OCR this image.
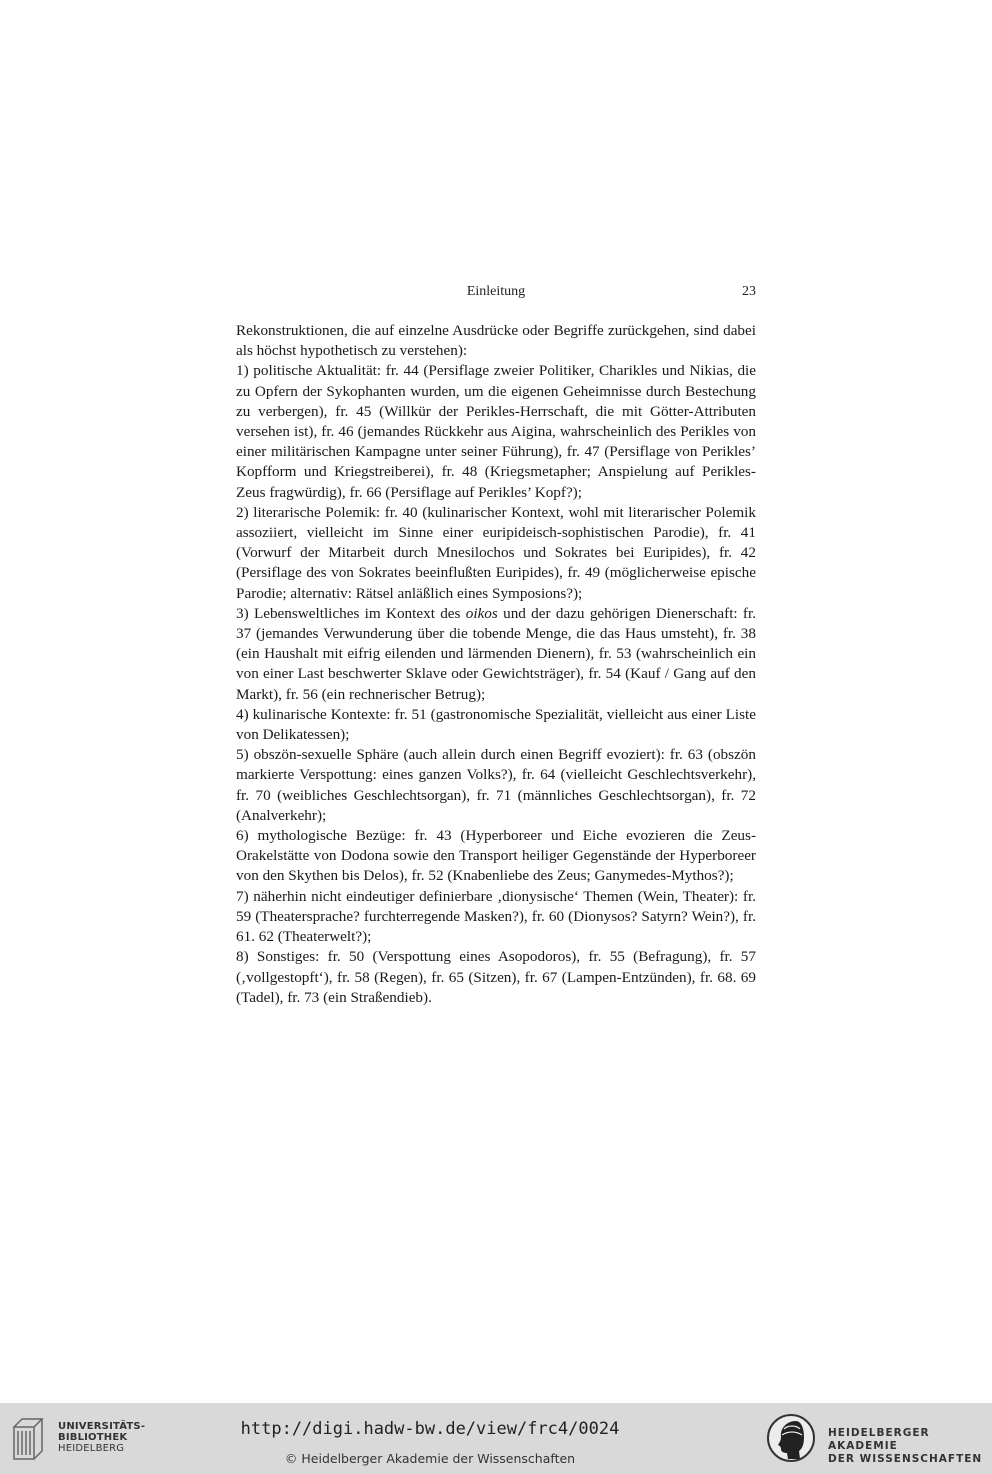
Einleitung	23

Rekonstruktionen, die auf einzelne Ausdrücke oder Begriffe zurückgehen, sind dabei als höchst hypothetisch zu verstehen):

1) politische Aktualität: fr. 44 (Persiflage zweier Politiker, Charikles und Nikias, die zu Opfern der Sykophanten wurden, um die eigenen Geheimnisse durch Bestechung zu verbergen), fr. 45 (Willkür der Perikles-Herrschaft, die mit Götter-Attributen versehen ist), fr. 46 (jemandes Rückkehr aus Aigina, wahrscheinlich des Perikles von einer militärischen Kampagne unter seiner Führung), fr. 47 (Persiflage von Perikles’ Kopfform und Kriegstreiberei), fr. 48 (Kriegsmetapher; Anspielung auf Perikles-Zeus fragwürdig), fr. 66 (Persiflage auf Perikles’ Kopf?);

2) literarische Polemik: fr. 40 (kulinarischer Kontext, wohl mit literarischer Polemik assoziiert, vielleicht im Sinne einer euripideisch-sophistischen Parodie), fr. 41 (Vorwurf der Mitarbeit durch Mnesilochos und Sokrates bei Euripides), fr. 42 (Persiflage des von Sokrates beeinflußten Euripides), fr. 49 (möglicherweise epische Parodie; alternativ: Rätsel anläßlich eines Symposions?);

3) Lebensweltliches im Kontext des oikos und der dazu gehörigen Dienerschaft: fr. 37 (jemandes Verwunderung über die tobende Menge, die das Haus umsteht), fr. 38 (ein Haushalt mit eifrig eilenden und lärmenden Dienern), fr. 53 (wahrscheinlich ein von einer Last beschwerter Sklave oder Gewichtsträger), fr. 54 (Kauf / Gang auf den Markt), fr. 56 (ein rechnerischer Betrug);

4) kulinarische Kontexte: fr. 51 (gastronomische Spezialität, vielleicht aus einer Liste von Delikatessen);

5) obszön-sexuelle Sphäre (auch allein durch einen Begriff evoziert): fr. 63 (obszön markierte Verspottung: eines ganzen Volks?), fr. 64 (vielleicht Geschlechtsverkehr), fr. 70 (weibliches Geschlechtsorgan), fr. 71 (männliches Geschlechtsorgan), fr. 72 (Analverkehr);

6) mythologische Bezüge: fr. 43 (Hyperboreer und Eiche evozieren die Zeus-Orakelstätte von Dodona sowie den Transport heiliger Gegenstände der Hyperboreer von den Skythen bis Delos), fr. 52 (Knabenliebe des Zeus; Ganymedes-Mythos?);

7) näherhin nicht eindeutiger definierbare ‚dionysische‘ Themen (Wein, Theater): fr. 59 (Theatersprache? furchterregende Masken?), fr. 60 (Dionysos? Satyrn? Wein?), fr. 61. 62 (Theaterwelt?);

8) Sonstiges: fr. 50 (Verspottung eines Asopodoros), fr. 55 (Befragung), fr. 57 (‚vollgestopft‘), fr. 58 (Regen), fr. 65 (Sitzen), fr. 67 (Lampen-Entzünden), fr. 68. 69 (Tadel), fr. 73 (ein Straßendieb).

UNIVERSITÄTS-
BIBLIOTHEK
HEIDELBERG
http://digi.hadw-bw.de/view/frc4/0024
© Heidelberger Akademie der Wissenschaften
HEIDELBERGER AKADEMIE
DER WISSENSCHAFTEN
